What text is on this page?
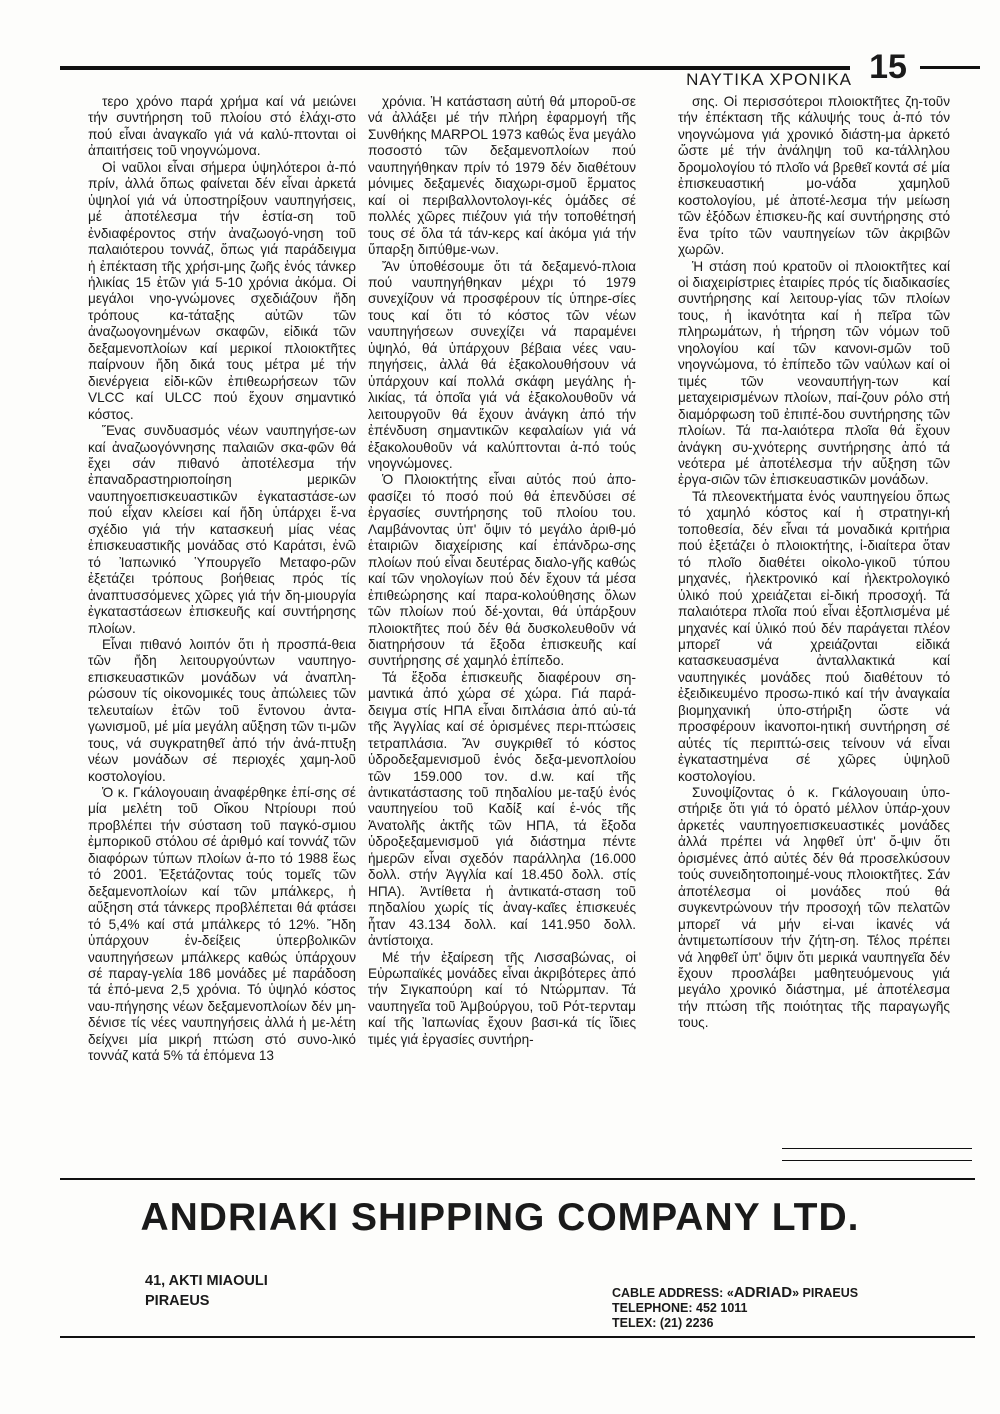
ΝΑΥΤΙΚΑ ΧΡΟΝΙΚΑ 15

τερο χρόνο παρά χρήμα καί νά μειώνει τήν συντήρηση τοῦ πλοίου στό ἐλάχι-στο πού εἶναι ἀναγκαῖο γιά νά καλύ-πτονται οἱ ἀπαιτήσεις τοῦ νηογνώμονα.

Οἱ ναῦλοι εἶναι σήμερα ὑψηλότεροι ἀ-πό πρίν, ἀλλά ὅπως φαίνεται δέν εἶναι ἀρκετά ὑψηλοί γιά νά ὑποστηρίξουν ναυπηγήσεις, μέ ἀποτέλεσμα τήν ἑστία-ση τοῦ ἐνδιαφέροντος στήν ἀναζωογό-νηση τοῦ παλαιότερου τοννάζ, ὅπως γιά παράδειγμα ἡ ἐπέκταση τῆς χρήσι-μης ζωῆς ἑνός τάνκερ ἡλικίας 15 ἐτῶν γιά 5-10 χρόνια ἀκόμα. Οἱ μεγάλοι νηο-γνώμονες σχεδιάζουν ἤδη τρόπους κα-τάταξης αὐτῶν τῶν ἀναζωογονημένων σκαφῶν, εἰδικά τῶν δεξαμενοπλοίων καί μερικοί πλοιοκτῆτες παίρνουν ἤδη δικά τους μέτρα μέ τήν διενέργεια εἰδι-κῶν ἐπιθεωρήσεων τῶν VLCC καί ULCC πού ἔχουν σημαντικό κόστος.

Ἕνας συνδυασμός νέων ναυπηγήσε-ων καί ἀναζωογόννησης παλαιῶν σκα-φῶν θά ἔχει σάν πιθανό ἀποτέλεσμα τήν ἐπαναδραστηριοποίηση μερικῶν ναυπηγοεπισκευαστικῶν ἐγκαταστάσε-ων πού εἶχαν κλείσει καί ἤδη ὑπάρχει ἕ-να σχέδιο γιά τήν κατασκευή μίας νέας ἐπισκευαστικῆς μονάδας στό Καράτσι, ἐνῶ τό Ἰαπωνικό Ὑπουργεῖο Μεταφο-ρῶν ἐξετάζει τρόπους βοήθειας πρός τίς ἀναπτυσσόμενες χῶρες γιά τήν δη-μιουργία ἐγκαταστάσεων ἐπισκευῆς καί συντήρησης πλοίων.

Εἶναι πιθανό λοιπόν ὅτι ἡ προσπά-θεια τῶν ἤδη λειτουργούντων ναυπηγο-επισκευαστικῶν μονάδων νά ἀναπλη-ρώσουν τίς οἰκονομικές τους ἀπώλειες τῶν τελευταίων ἐτῶν τοῦ ἔντονου ἀντα-γωνισμοῦ, μέ μία μεγάλη αὔξηση τῶν τι-μῶν τους, νά συγκρατηθεῖ ἀπό τήν ἀνά-πτυξη νέων μονάδων σέ περιοχές χαμη-λοῦ κοστολογίου.

Ὁ κ. Γκάλογουαιη ἀναφέρθηκε ἐπί-σης σέ μία μελέτη τοῦ Οἴκου Ντρίουρι πού προβλέπει τήν σύσταση τοῦ παγκό-σμιου ἐμπορικοῦ στόλου σέ ἀριθμό καί τοννάζ τῶν διαφόρων τύπων πλοίων ἀ-πο τό 1988 ἕως τό 2001. Ἐξετάζοντας τούς τομεῖς τῶν δεξαμενοπλοίων καί τῶν μπάλκερς, ἡ αὔξηση στά τάνκερς προβλέπεται θά φτάσει τό 5,4% καί στά μπάλκερς τό 12%. Ἤδη ὑπάρχουν ἐν-δείξεις ὑπερβολικῶν ναυπηγήσεων μπάλκερς καθώς ὑπάρχουν σέ παραγ-γελία 186 μονάδες μέ παράδοση τά ἑπό-μενα 2,5 χρόνια. Τό ὑψηλό κόστος ναυ-πήγησης νέων δεξαμενοπλοίων δέν μη-δένισε τίς νέες ναυπηγήσεις ἀλλά ἡ με-λέτη δείχνει μία μικρή πτώση στό συνο-λικό τοννάζ κατά 5% τά ἑπόμενα 13

χρόνια. Ἡ κατάσταση αὐτή θά μποροῦ-σε νά ἀλλάξει μέ τήν πλήρη ἐφαρμογή τῆς Συνθήκης MARPOL 1973 καθώς ἕνα μεγάλο ποσοστό τῶν δεξαμενοπλοίων πού ναυπηγήθηκαν πρίν τό 1979 δέν διαθέτουν μόνιμες δεξαμενές διαχωρι-σμοῦ ἕρματος καί οἱ περιβαλλοντολογι-κές ὁμάδες σέ πολλές χῶρες πιέζουν γιά τήν τοποθέτησή τους σέ ὅλα τά τάν-κερς καί ἀκόμα γιά τήν ὕπαρξη διπύθμε-νων.

Ἄν ὑποθέσουμε ὅτι τά δεξαμενό-πλοια πού ναυπηγήθηκαν μέχρι τό 1979 συνεχίζουν νά προσφέρουν τίς ὑπηρε-σίες τους καί ὅτι τό κόστος τῶν νέων ναυπηγήσεων συνεχίζει νά παραμένει ὑψηλό, θά ὑπάρχουν βέβαια νέες ναυ-πηγήσεις, ἀλλά θά ἐξακολουθήσουν νά ὑπάρχουν καί πολλά σκάφη μεγάλης ἡ-λικίας, τά ὁποῖα γιά νά ἐξακολουθοῦν νά λειτουργοῦν θά ἔχουν ἀνάγκη ἀπό τήν ἐπένδυση σημαντικῶν κεφαλαίων γιά νά ἐξακολουθοῦν νά καλύπτονται ἀ-πό τούς νηογνώμονες.

Ὁ Πλοιοκτήτης εἶναι αὐτός πού ἀπο-φασίζει τό ποσό πού θά ἐπενδύσει σέ ἐργασίες συντήρησης τοῦ πλοίου του. Λαμβάνοντας ὑπ' ὄψιν τό μεγάλο ἀριθ-μό ἑταιριῶν διαχείρισης καί ἐπάνδρω-σης πλοίων πού εἶναι δευτέρας διαλο-γῆς καθώς καί τῶν νηολογίων πού δέν ἔχουν τά μέσα ἐπιθεώρησης καί παρα-κολούθησης ὅλων τῶν πλοίων πού δέ-χονται, θά ὑπάρξουν πλοιοκτῆτες πού δέν θά δυσκολευθοῦν νά διατηρήσουν τά ἔξοδα ἐπισκευῆς καί συντήρησης σέ χαμηλό ἐπίπεδο.

Τά ἔξοδα ἐπισκευῆς διαφέρουν ση-μαντικά ἀπό χώρα σέ χώρα. Γιά παρά-δειγμα στίς ΗΠΑ εἶναι διπλάσια ἀπό αὐ-τά τῆς Ἀγγλίας καί σέ ὁρισμένες περι-πτώσεις τετραπλάσια. Ἄν συγκριθεῖ τό κόστος ὑδροδεξαμενισμοῦ ἑνός δεξα-μενοπλοίου τῶν 159.000 τον. d.w. καί τῆς ἀντικατάστασης τοῦ πηδαλίου με-ταξύ ἑνός ναυπηγείου τοῦ Καδίξ καί ἑ-νός τῆς Ἀνατολῆς ἀκτῆς τῶν ΗΠΑ, τά ἔξοδα ὑδροξεξαμενισμοῦ γιά διάστημα πέντε ἡμερῶν εἶναι σχεδόν παράλληλα (16.000 δολλ. στήν Ἀγγλία καί 18.450 δολλ. στίς ΗΠΑ). Ἀντίθετα ἡ ἀντικατά-σταση τοῦ πηδαλίου χωρίς τίς ἀναγ-καῖες ἐπισκευές ἦταν 43.134 δολλ. καί 141.950 δολλ. ἀντίστοιχα.

Μέ τήν ἐξαίρεση τῆς Λισσαβώνας, οἱ Εὐρωπαϊκές μονάδες εἶναι ἀκριβότερες ἀπό τήν Σιγκαπούρη καί τό Ντώρμπαν. Τά ναυπηγεῖα τοῦ Ἀμβούργου, τοῦ Ρότ-τερνταμ καί τῆς Ἰαπωνίας ἔχουν βασι-κά τίς ἴδιες τιμές γιά ἐργασίες συντήρη-

σης. Οἱ περισσότεροι πλοιοκτῆτες ζη-τοῦν τήν ἐπέκταση τῆς κάλυψής τους ἀ-πό τόν νηογνώμονα γιά χρονικό διάστη-μα ἀρκετό ὥστε μέ τήν ἀνάληψη τοῦ κα-τάλληλου δρομολογίου τό πλοῖο νά βρεθεῖ κοντά σέ μία ἐπισκευαστική μο-νάδα χαμηλοῦ κοστολογίου, μέ ἀποτέ-λεσμα τήν μείωση τῶν ἐξόδων ἐπισκευ-ῆς καί συντήρησης στό ἕνα τρίτο τῶν ναυπηγείων τῶν ἀκριβῶν χωρῶν.

Ἡ στάση πού κρατοῦν οἱ πλοιοκτῆτες καί οἱ διαχειρίστριες ἑταιρίες πρός τίς διαδικασίες συντήρησης καί λειτουρ-γίας τῶν πλοίων τους, ἡ ἱκανότητα καί ἡ πεῖρα τῶν πληρωμάτων, ἡ τήρηση τῶν νόμων τοῦ νηολογίου καί τῶν κανονι-σμῶν τοῦ νηογνώμονα, τό ἐπίπεδο τῶν ναύλων καί οἱ τιμές τῶν νεοναυπήγη-των καί μεταχειρισμένων πλοίων, παί-ζουν ρόλο στή διαμόρφωση τοῦ ἐπιπέ-δου συντήρησης τῶν πλοίων. Τά πα-λαιότερα πλοῖα θά ἔχουν ἀνάγκη συ-χνότερης συντήρησης ἀπό τά νεότερα μέ ἀποτέλεσμα τήν αὔξηση τῶν ἐργα-σιῶν τῶν ἐπισκευαστικῶν μονάδων.

Τά πλεονεκτήματα ἑνός ναυπηγείου ὅπως τό χαμηλό κόστος καί ἡ στρατηγι-κή τοποθεσία, δέν εἶναι τά μοναδικά κριτήρια πού ἐξετάζει ὁ πλοιοκτήτης, ἰ-διαίτερα ὅταν τό πλοῖο διαθέτει οἰκολο-γικοῦ τύπου μηχανές, ἠλεκτρονικό καί ἠλεκτρολογικό ὑλικό πού χρειάζεται εἰ-δική προσοχή. Τά παλαιότερα πλοῖα πού εἶναι ἐξοπλισμένα μέ μηχανές καί ὑλικό πού δέν παράγεται πλέον μπορεῖ νά χρειάζονται εἰδικά κατασκευασμένα ἀνταλλακτικά καί ναυπηγικές μονάδες πού διαθέτουν τό ἐξειδικευμένο προσω-πικό καί τήν ἀναγκαία βιομηχανική ὑπο-στήριξη ὥστε νά προσφέρουν ἱκανοποι-ητική συντήρηση σέ αὐτές τίς περιπτώ-σεις τείνουν νά εἶναι ἐγκαταστημένα σέ χῶρες ὑψηλοῦ κοστολογίου.

Συνοψίζοντας ὁ κ. Γκάλογουαιη ὑπο-στήριξε ὅτι γιά τό ὁρατό μέλλον ὑπάρ-χουν ἀρκετές ναυπηγοεπισκευαστικές μονάδες ἀλλά πρέπει νά ληφθεῖ ὑπ' ὄ-ψιν ὅτι ὁρισμένες ἀπό αὐτές δέν θά προσελκύσουν τούς συνειδητοποιημέ-νους πλοιοκτῆτες. Σάν ἀποτέλεσμα οἱ μονάδες πού θά συγκεντρώνουν τήν προσοχή τῶν πελατῶν μπορεῖ νά μήν εἰ-ναι ἱκανές νά ἀντιμετωπίσουν τήν ζήτη-ση. Τέλος πρέπει νά ληφθεῖ ὑπ' ὄψιν ὅτι μερικά ναυπηγεῖα δέν ἔχουν προσλάβει μαθητευόμενους γιά μεγάλο χρονικό διάστημα, μέ ἀποτέλεσμα τήν πτώση τῆς ποιότητας τῆς παραγωγῆς τους.

ANDRIAKI SHIPPING COMPANY LTD.
41, AKTI MIAOULI
PIRAEUS	CABLE ADDRESS: «ADRIAD» PIRAEUS
TELEPHONE: 452 1011
TELEX: (21) 2236
